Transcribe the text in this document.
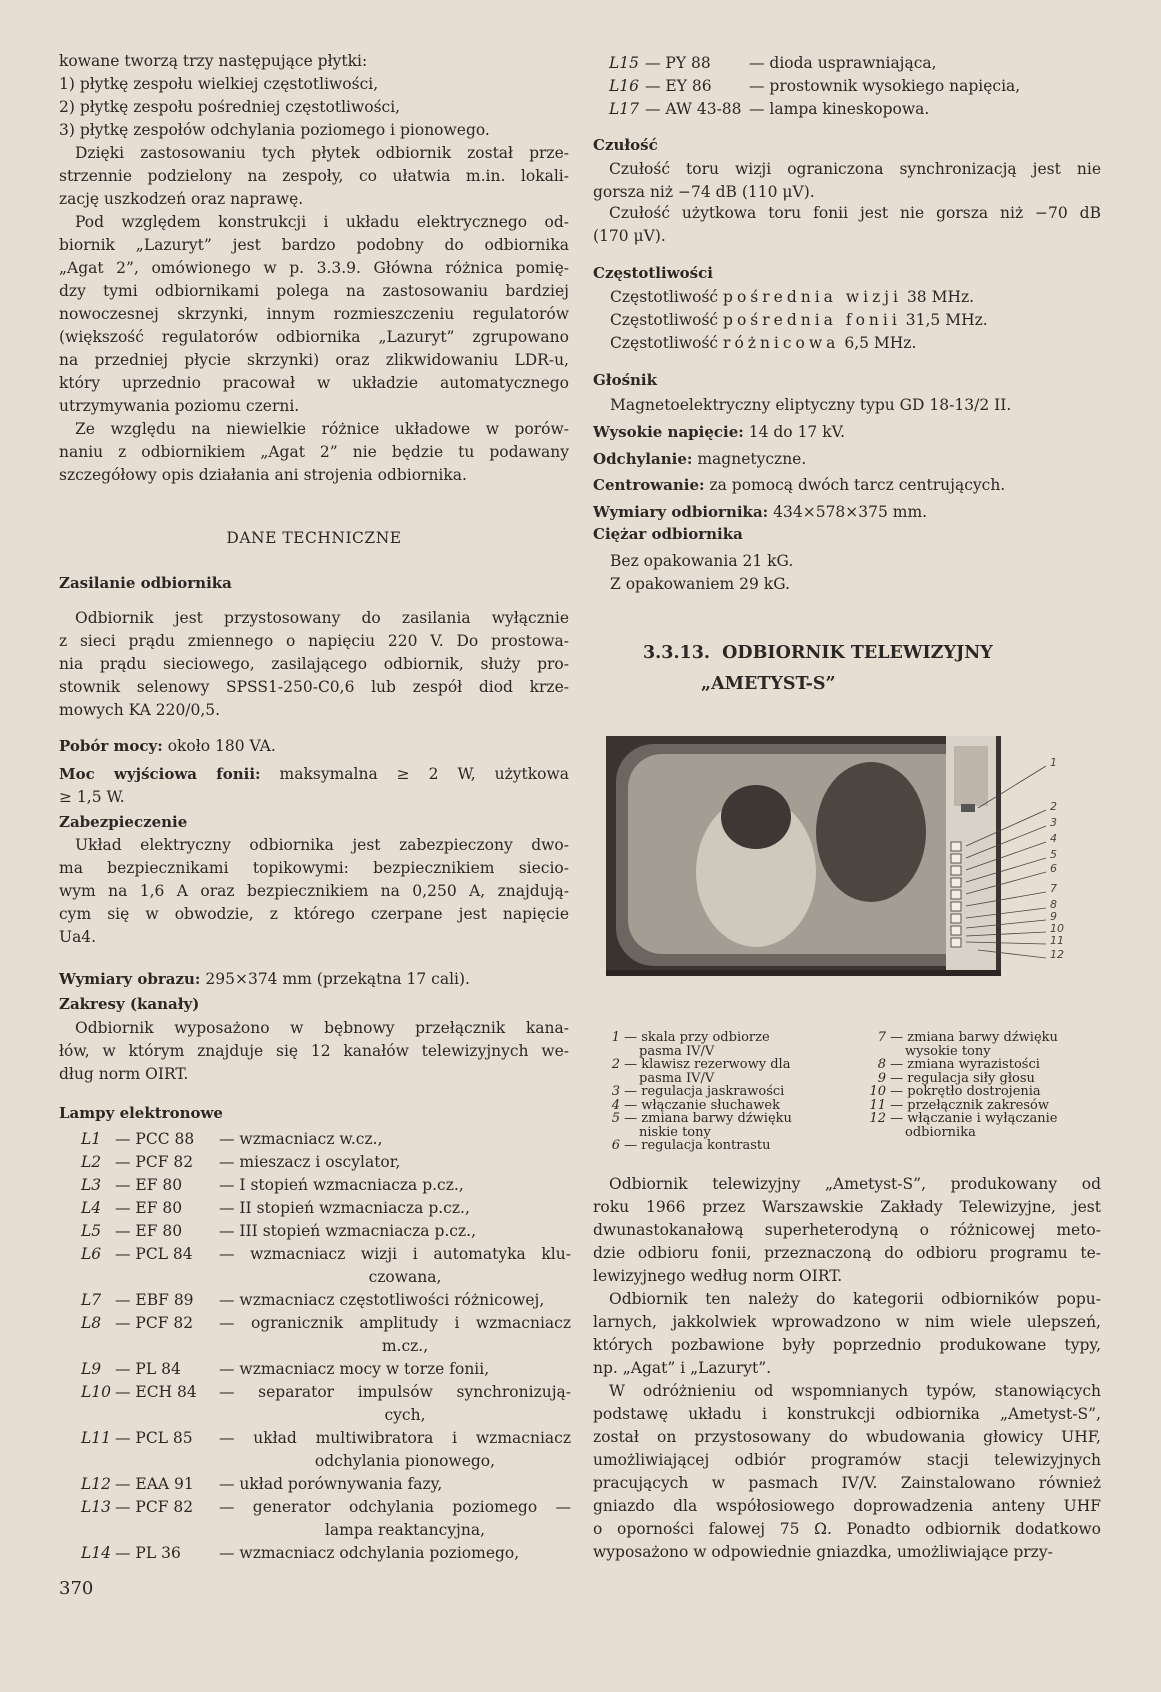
kowane tworzą trzy następujące płytki:
1) płytkę zespołu wielkiej częstotliwości,
2) płytkę zespołu pośredniej częstotliwości,
3) płytkę zespołów odchylania poziomego i pionowego.
Dzięki zastosowaniu tych płytek odbiornik został prze-
strzennie podzielony na zespoły, co ułatwia m.in. lokali-
zację uszkodzeń oraz naprawę.
Pod względem konstrukcji i układu elektrycznego od-
biornik „Lazuryt” jest bardzo podobny do odbiornika
„Agat 2”, omówionego w p. 3.3.9. Główna różnica pomię-
dzy tymi odbiornikami polega na zastosowaniu bardziej
nowoczesnej skrzynki, innym rozmieszczeniu regulatorów
(większość regulatorów odbiornika „Lazuryt” zgrupowano
na przedniej płycie skrzynki) oraz zlikwidowaniu LDR-u,
który uprzednio pracował w układzie automatycznego
utrzymywania poziomu czerni.
Ze względu na niewielkie różnice układowe w porów-
naniu z odbiornikiem „Agat 2” nie będzie tu podawany
szczegółowy opis działania ani strojenia odbiornika.
DANE TECHNICZNE
Zasilanie odbiornika
Odbiornik jest przystosowany do zasilania wyłącznie
z sieci prądu zmiennego o napięciu 220 V. Do prostowa-
nia prądu sieciowego, zasilającego odbiornik, służy pro-
stownik selenowy SPSS1-250-C0,6 lub zespół diod krze-
mowych KA 220/0,5.
Pobór mocy: około 180 VA.
Moc wyjściowa fonii: maksymalna ≥ 2 W, użytkowa
≥ 1,5 W.
Zabezpieczenie
Układ elektryczny odbiornika jest zabezpieczony dwo-
ma bezpiecznikami topikowymi: bezpiecznikiem siecio-
wym na 1,6 A oraz bezpiecznikiem na 0,250 A, znajdują-
cym się w obwodzie, z którego czerpane jest napięcie
Ua4.
Wymiary obrazu: 295×374 mm (przekątna 17 cali).
Zakresy (kanały)
Odbiornik wyposażono w bębnowy przełącznik kana-
łów, w którym znajduje się 12 kanałów telewizyjnych we-
dług norm OIRT.
Lampy elektronowe
L1 — PCC 88 — wzmacniacz w.cz.,
L2 — PCF 82 — mieszacz i oscylator,
L3 — EF 80 — I stopień wzmacniacza p.cz.,
L4 — EF 80 — II stopień wzmacniacza p.cz.,
L5 — EF 80 — III stopień wzmacniacza p.cz.,
L6 — PCL 84 — wzmacniacz wizji i automatyka klu-
czowana,
L7 — EBF 89 — wzmacniacz częstotliwości różnicowej,
L8 — PCF 82 — ogranicznik amplitudy i wzmacniacz
m.cz.,
L9 — PL 84 — wzmacniacz mocy w torze fonii,
L10 — ECH 84 — separator impulsów synchronizują-
cych,
L11 — PCL 85 — układ multiwibratora i wzmacniacz
odchylania pionowego,
L12 — EAA 91 — układ porównywania fazy,
L13 — PCF 82 — generator odchylania poziomego —
lampa reaktancyjna,
L14 — PL 36 — wzmacniacz odchylania poziomego,
370
L15 — PY 88 — dioda usprawniająca,
L16 — EY 86 — prostownik wysokiego napięcia,
L17 — AW 43-88 — lampa kineskopowa.
Czułość
Czułość toru wizji ograniczona synchronizacją jest nie
gorsza niż −74 dB (110 μV).
Czułość użytkowa toru fonii jest nie gorsza niż −70 dB
(170 μV).
Częstotliwości
Częstotliwość pośrednia wizji 38 MHz.
Częstotliwość pośrednia fonii 31,5 MHz.
Częstotliwość różnicowa 6,5 MHz.
Głośnik
Magnetoelektryczny eliptyczny typu GD 18-13/2 II.
Wysokie napięcie: 14 do 17 kV.
Odchylanie: magnetyczne.
Centrowanie: za pomocą dwóch tarcz centrujących.
Wymiary odbiornika: 434×578×375 mm.
Ciężar odbiornika
Bez opakowania 21 kG.
Z opakowaniem 29 kG.
3.3.13. ODBIORNIK TELEWIZYJNY
„AMETYST-S”
1
2
3
4
5
6
7
8
9
10
11
12
1 — skala przy odbiorze
pasma IV/V
2 — klawisz rezerwowy dla
pasma IV/V
3 — regulacja jaskrawości
4 — włączanie słuchawek
5 — zmiana barwy dźwięku
niskie tony
6 — regulacja kontrastu
7 — zmiana barwy dźwięku
wysokie tony
8 — zmiana wyrazistości
9 — regulacja siły głosu
10 — pokrętło dostrojenia
11 — przełącznik zakresów
12 — włączanie i wyłączanie
odbiornika
Odbiornik telewizyjny „Ametyst-S”, produkowany od
roku 1966 przez Warszawskie Zakłady Telewizyjne, jest
dwunastokanałową superheterodyną o różnicowej meto-
dzie odbioru fonii, przeznaczoną do odbioru programu te-
lewizyjnego według norm OIRT.
Odbiornik ten należy do kategorii odbiorników popu-
larnych, jakkolwiek wprowadzono w nim wiele ulepszeń,
których pozbawione były poprzednio produkowane typy,
np. „Agat” i „Lazuryt”.
W odróżnieniu od wspomnianych typów, stanowiących
podstawę układu i konstrukcji odbiornika „Ametyst-S”,
został on przystosowany do wbudowania głowicy UHF,
umożliwiającej odbiór programów stacji telewizyjnych
pracujących w pasmach IV/V. Zainstalowano również
gniazdo dla współosiowego doprowadzenia anteny UHF
o oporności falowej 75 Ω. Ponadto odbiornik dodatkowo
wyposażono w odpowiednie gniazdka, umożliwiające przy-
